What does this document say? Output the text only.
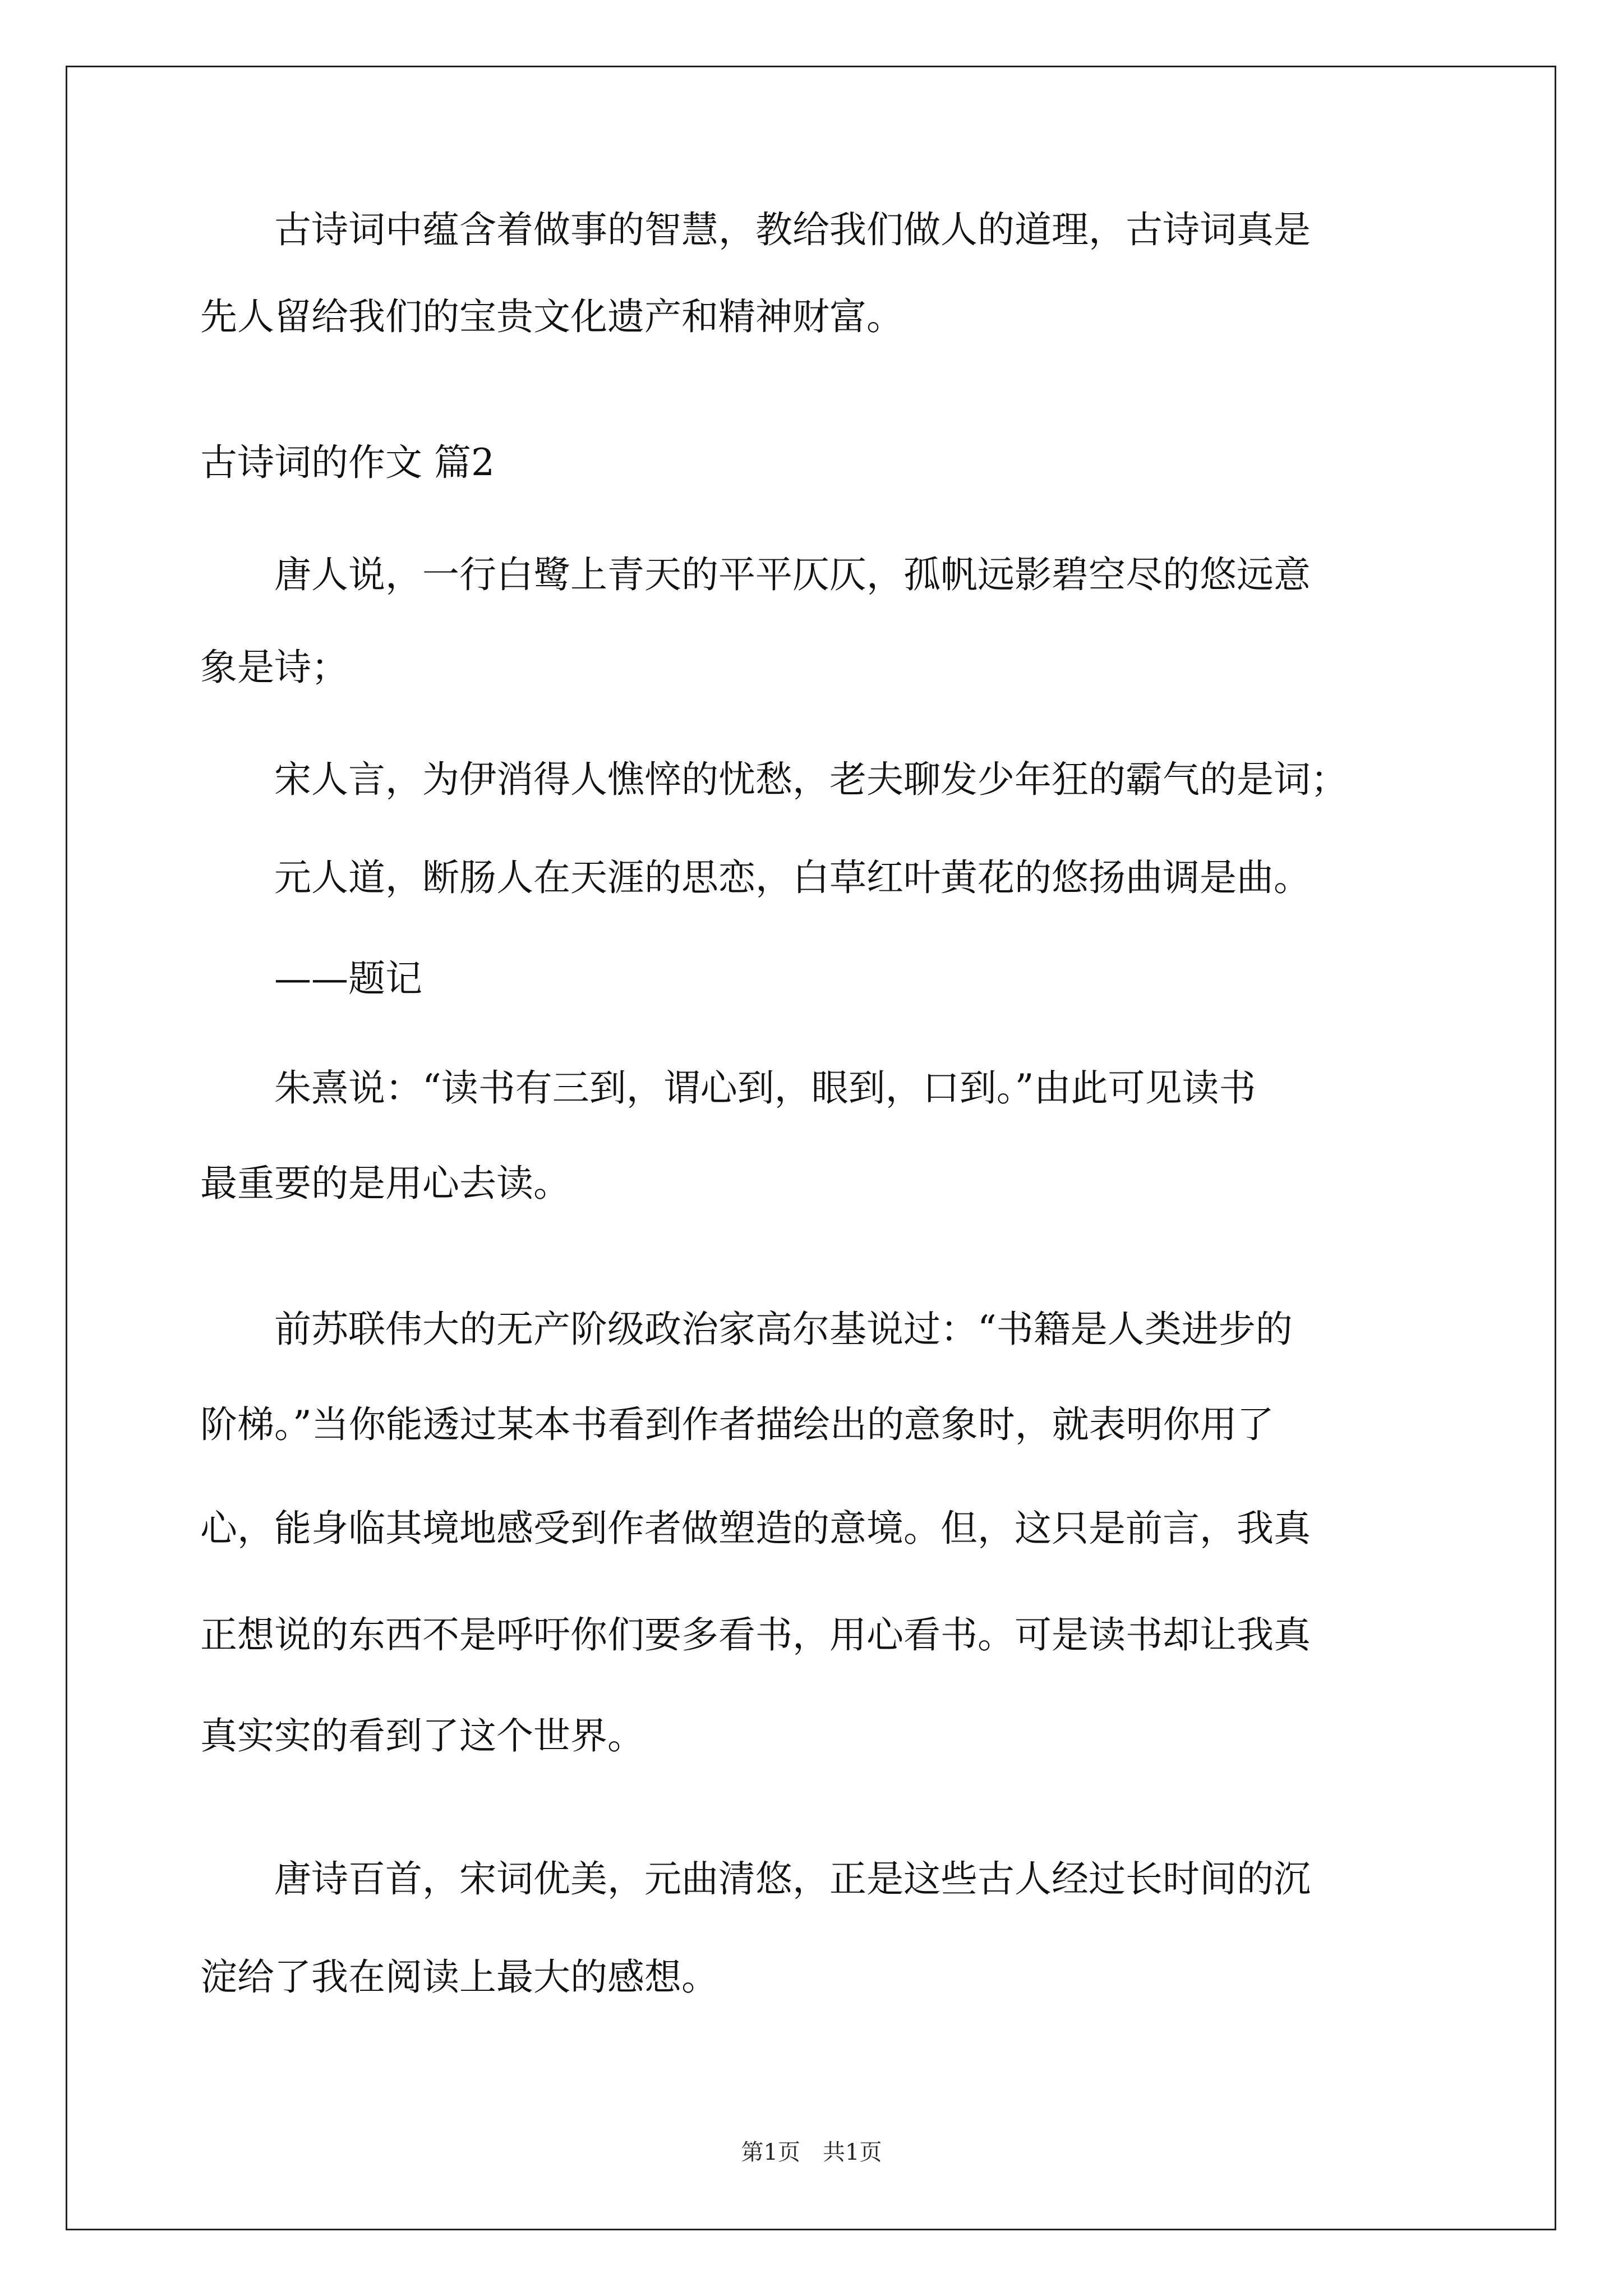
　　古诗词中蕴含着做事的智慧，教给我们做人的道理，古诗词真是

先人留给我们的宝贵文化遗产和精神财富。

古诗词的作文 篇2

　　唐人说，一行白鹭上青天的平平仄仄，孤帆远影碧空尽的悠远意

象是诗；

　　宋人言，为伊消得人憔悴的忧愁，老夫聊发少年狂的霸气的是词；

　　元人道，断肠人在天涯的思恋，白草红叶黄花的悠扬曲调是曲。

　　——题记

　　朱熹说：“读书有三到，谓心到，眼到，口到。”由此可见读书

最重要的是用心去读。

　　前苏联伟大的无产阶级政治家高尔基说过：“书籍是人类进步的

阶梯。”当你能透过某本书看到作者描绘出的意象时，就表明你用了

心，能身临其境地感受到作者做塑造的意境。但，这只是前言，我真

正想说的东西不是呼吁你们要多看书，用心看书。可是读书却让我真

真实实的看到了这个世界。

　　唐诗百首，宋词优美，元曲清悠，正是这些古人经过长时间的沉

淀给了我在阅读上最大的感想。

第1页　共1页
